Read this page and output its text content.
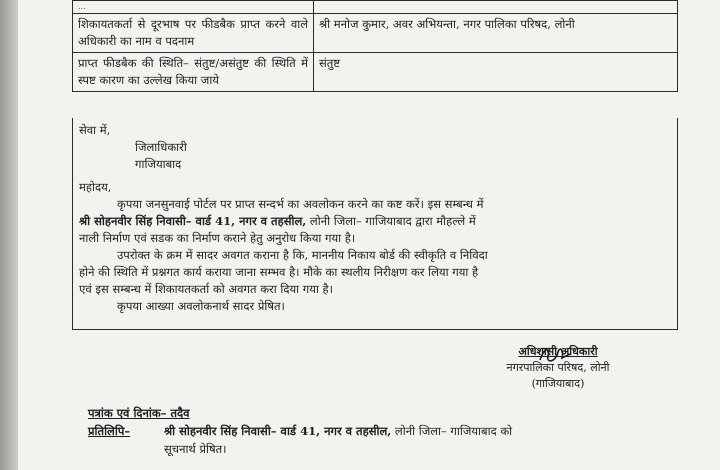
...	
शिकायतकर्ता से दूरभाष पर फीडबैक प्राप्त करने वाले अधिकारी का नाम व पदनाम	श्री मनोज कुमार, अवर अभियन्ता, नगर पालिका परिषद, लोनी
प्राप्त फीडबैक की स्थिति– संतुष्ट/असंतुष्ट की स्थिति में स्पष्ट कारण का उल्लेख किया जाये	संतुष्ट

सेवा में,

जिलाधिकारी

गाजियाबाद

महोदय,

कृपया जनसुनवाई पोर्टल पर प्राप्त सन्दर्भ का अवलोकन करने का कष्ट करें। इस सम्बन्ध में

श्री सोहनवीर सिंह निवासी– वार्ड 41, नगर व तहसील, लोनी जिला– गाजियाबाद द्वारा मौहल्ले में

नाली निर्माण एवं सडक का निर्माण कराने हेतु अनुरोध किया गया है।

उपरोक्त के क्रम में सादर अवगत कराना है कि, माननीय निकाय बोर्ड की स्वीकृति व निविदा

होने की स्थिति में प्रश्नगत कार्य कराया जाना सम्भव है। मौके का स्थलीय निरीक्षण कर लिया गया है

एवं इस सम्बन्ध में शिकायतकर्ता को अवगत करा दिया गया है।

कृपया आख्या अवलोकनार्थ सादर प्रेषित।

अधिशासी अधिकारी
नगरपालिका परिषद, लोनी
(गाजियाबाद)
पत्रांक एवं दिनांक– तदैव
प्रतिलिपि–	श्री सोहनवीर सिंह निवासी– वार्ड 41, नगर व तहसील, लोनी जिला– गाजियाबाद को
सूचनार्थ प्रेषित।
